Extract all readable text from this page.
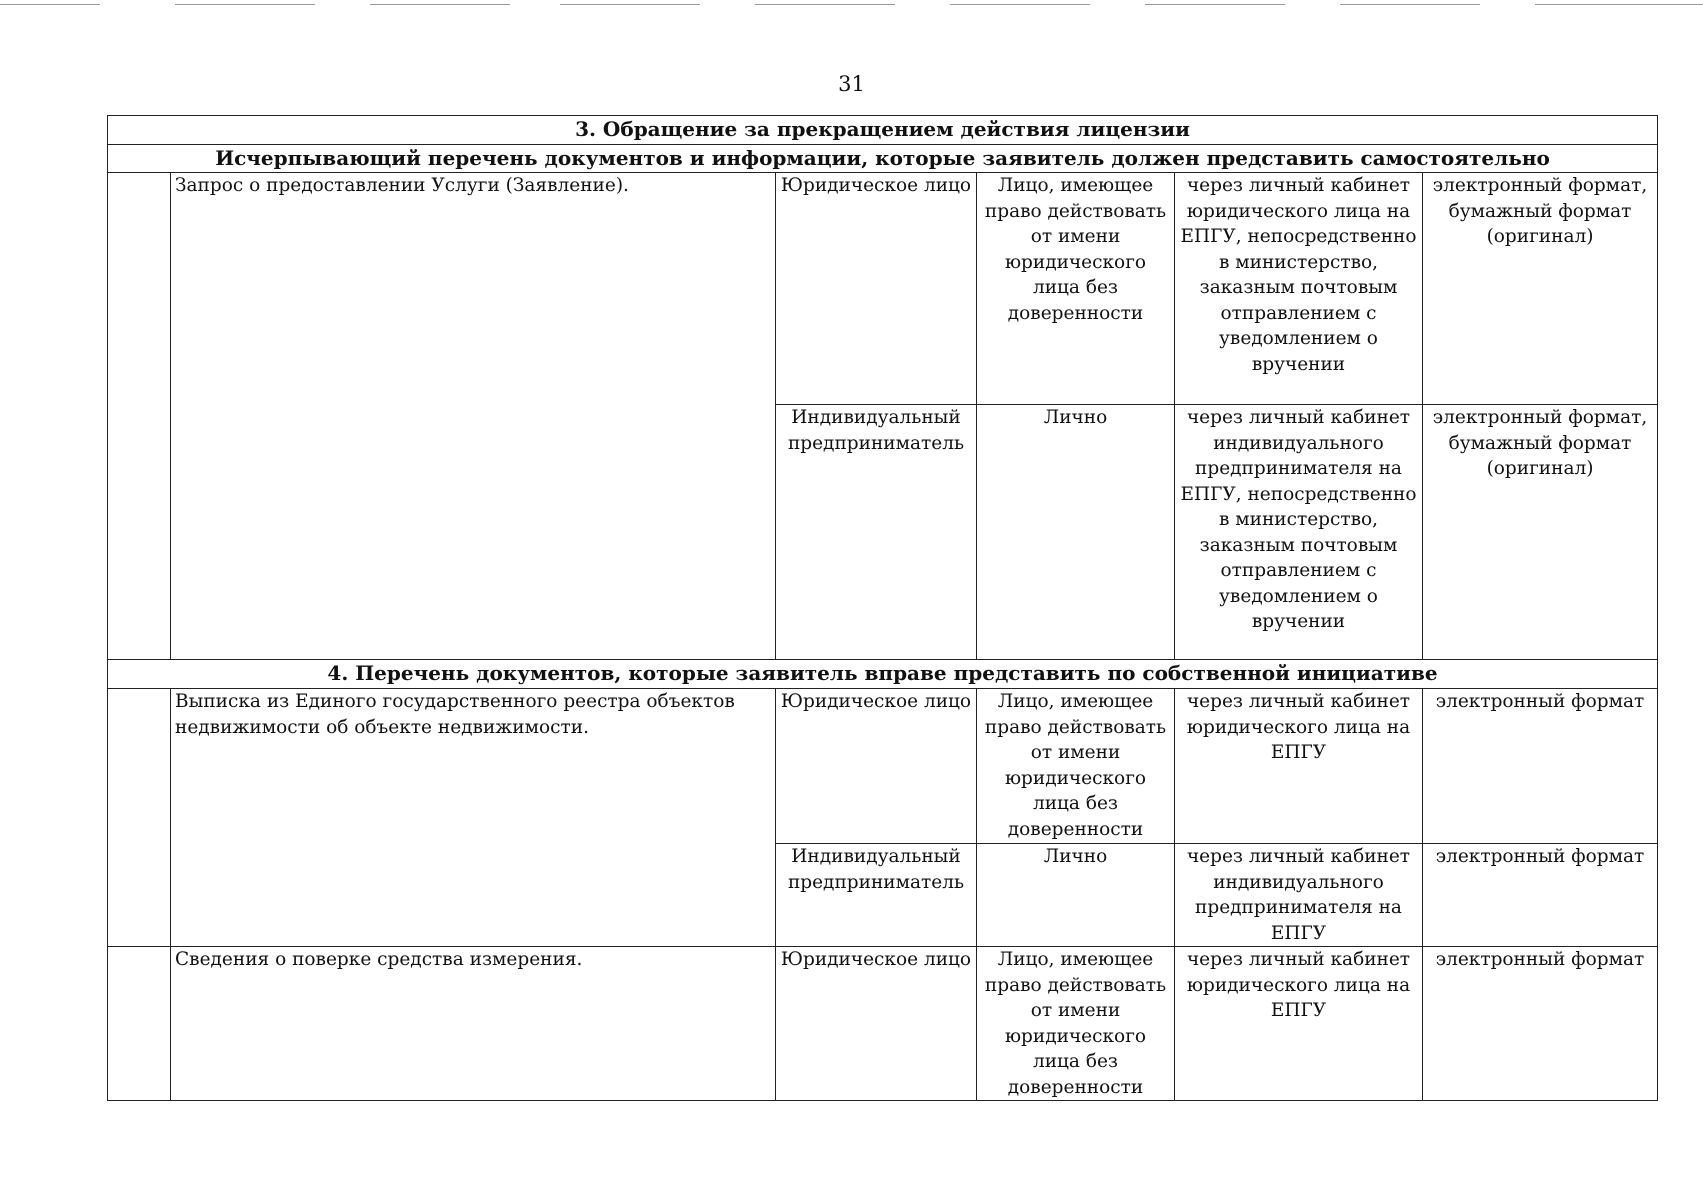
31
3. Обращение за прекращением действия лицензии					
Исчерпывающий перечень документов и информации, которые заявитель должен представить самостоятельно					
	Запрос о предоставлении Услуги (Заявление).	Юридическое лицо	Лицо, имеющее право действовать от имени юридического лица без доверенности	через личный кабинет юридического лица на ЕПГУ, непосредственно в министерство, заказным почтовым отправлением с уведомлением о вручении	электронный формат, бумажный формат (оригинал)
		Индивидуальный предприниматель	Лично	через личный кабинет индивидуального предпринимателя на ЕПГУ, непосредственно в министерство, заказным почтовым отправлением с уведомлением о вручении	электронный формат, бумажный формат (оригинал)
4. Перечень документов, которые заявитель вправе представить по собственной инициативе					
	Выписка из Единого государственного реестра объектов недвижимости об объекте недвижимости.	Юридическое лицо	Лицо, имеющее право действовать от имени юридического лица без доверенности	через личный кабинет юридического лица на ЕПГУ	электронный формат
		Индивидуальный предприниматель	Лично	через личный кабинет индивидуального предпринимателя на ЕПГУ	электронный формат
	Сведения о поверке средства измерения.	Юридическое лицо	Лицо, имеющее право действовать от имени юридического лица без доверенности	через личный кабинет юридического лица на ЕПГУ	электронный формат
